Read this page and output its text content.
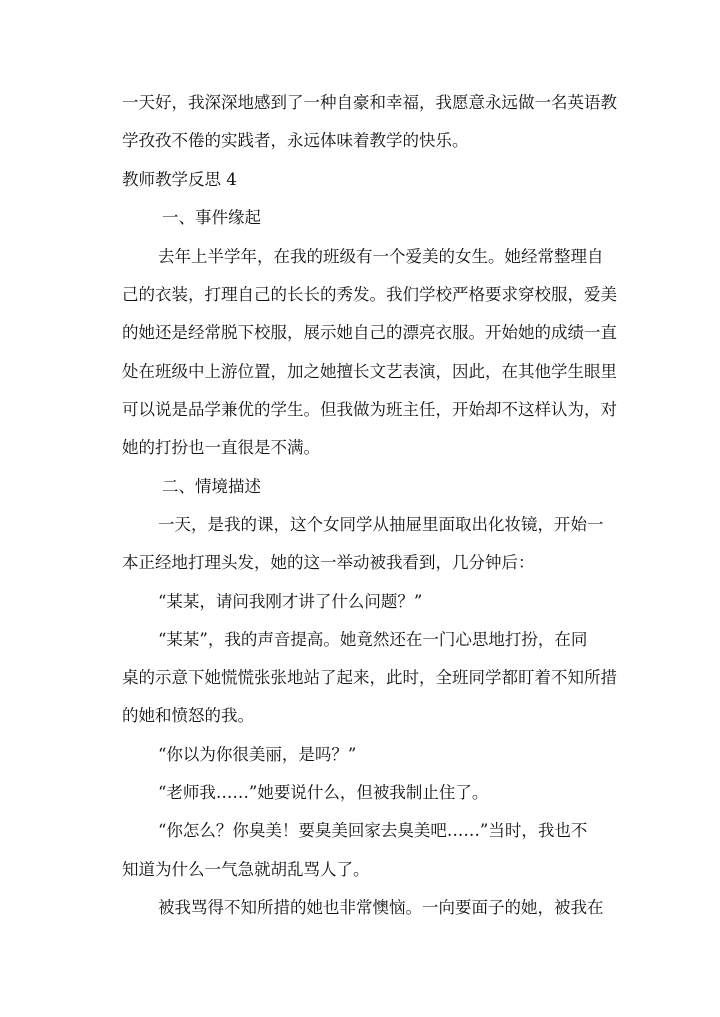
一天好，我深深地感到了一种自豪和幸福，我愿意永远做一名英语教
学孜孜不倦的实践者，永远体味着教学的快乐。
教师教学反思 4
一、事件缘起
去年上半学年，在我的班级有一个爱美的女生。她经常整理自
己的衣装，打理自己的长长的秀发。我们学校严格要求穿校服，爱美
的她还是经常脱下校服，展示她自己的漂亮衣服。开始她的成绩一直
处在班级中上游位置，加之她擅长文艺表演，因此，在其他学生眼里
可以说是品学兼优的学生。但我做为班主任，开始却不这样认为，对
她的打扮也一直很是不满。
二、情境描述
一天，是我的课，这个女同学从抽屉里面取出化妆镜，开始一
本正经地打理头发，她的这一举动被我看到，几分钟后：
“某某，请问我刚才讲了什么问题？”
“某某”，我的声音提高。她竟然还在一门心思地打扮，在同
桌的示意下她慌慌张张地站了起来，此时，全班同学都盯着不知所措
的她和愤怒的我。
“你以为你很美丽，是吗？”
“老师我……”她要说什么，但被我制止住了。
“你怎么？你臭美！要臭美回家去臭美吧……”当时，我也不
知道为什么一气急就胡乱骂人了。
被我骂得不知所措的她也非常懊恼。一向要面子的她，被我在
